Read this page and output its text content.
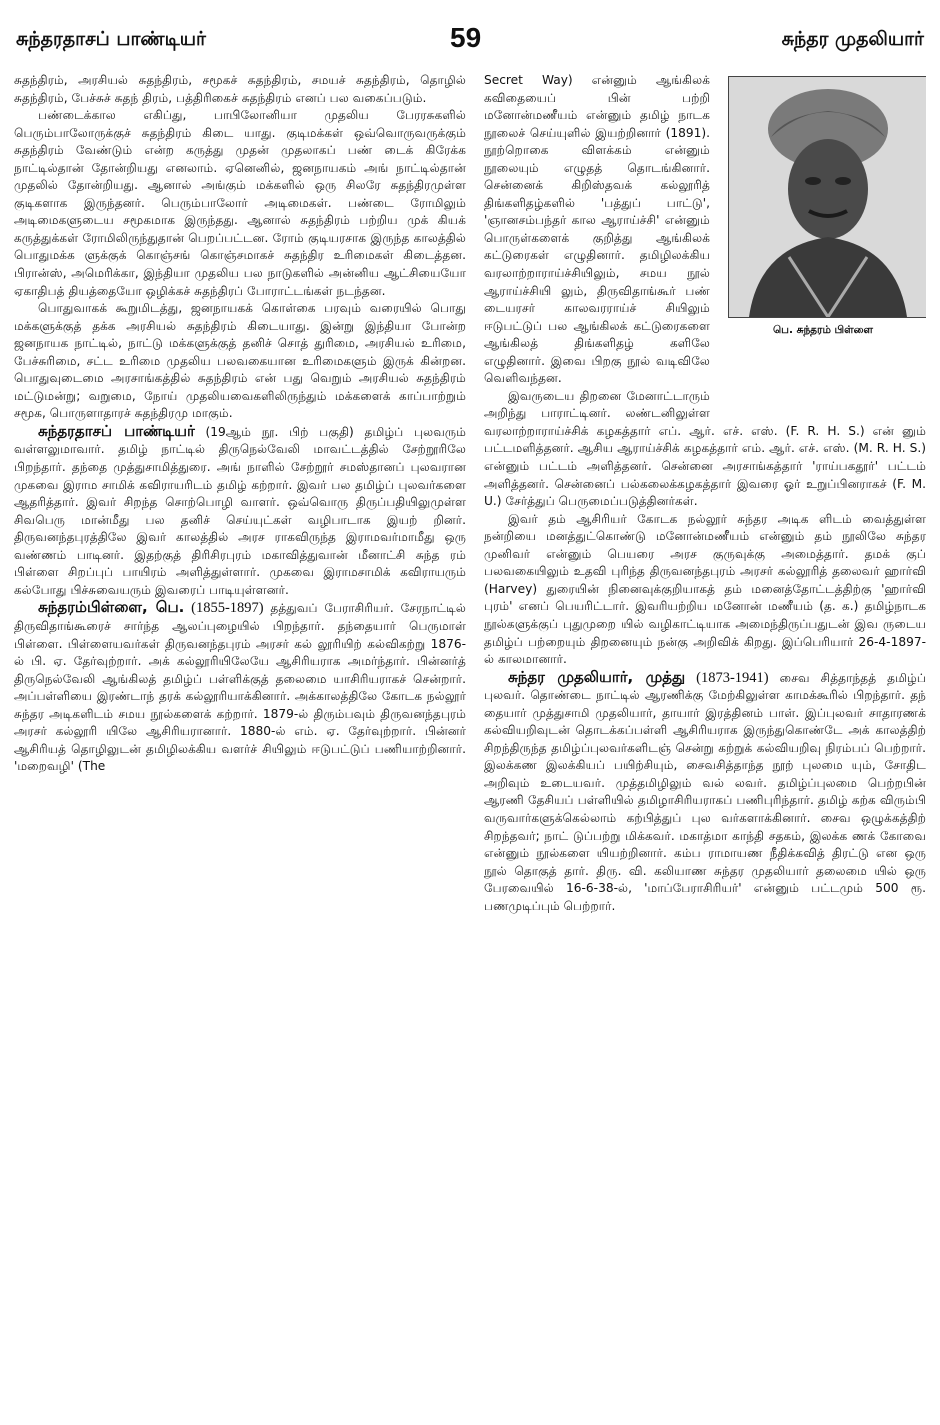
சுந்தரதாசப் பாண்டியர்	59	சுந்தர முதலியார்

சுதந்திரம், அரசியல் சுதந்திரம், சமூகச் சுதந்திரம், சமயச் சுதந்திரம், தொழில் சுதந்திரம், பேச்சுச் சுதந் திரம், பத்திரிகைச் சுதந்திரம் எனப் பல வகைப்படும்.

பண்டைக்கால எகிப்து, பாபிலோனியா முதலிய பேரரசுகளில் பெரும்பாலோருக்குச் சுதந்திரம் கிடை யாது. குடிமக்கள் ஒவ்வொருவருக்கும் சுதந்திரம் வேண்டும் என்ற கருத்து முதன் முதலாகப் பண் டைக் கிரேக்க நாட்டில்தான் தோன்றியது எனலாம். ஏனெனில், ஜனநாயகம் அங் நாட்டில்தான் முதலில் தோன்றியது. ஆனால் அங்கும் மக்களில் ஒரு சிலரே சுதந்திரமுள்ள குடிகளாக இருந்தனர். பெரும்பாலோர் அடிமைகள். பண்டை ரோமிலும் அடிமைகளுடைய சமூகமாக இருந்தது. ஆனால் சுதந்திரம் பற்றிய முக் கியக் கருத்துக்கள் ரோமிலிருந்துதான் பெறப்பட்டன. ரோம் குடியரசாக இருந்த காலத்தில் பொதுமக்க ளுக்குக் கொஞ்சங் கொஞ்சமாகச் சுதந்திர உரிமைகள் கிடைத்தன. பிரான்ஸ், அமெரிக்கா, இந்தியா முதலிய பல நாடுகளில் அன்னிய ஆட்சியையோ ஏகாதிபத் தியத்தையோ ஒழிக்கச் சுதந்திரப் போராட்டங்கள் நடந்தன.

பொதுவாகக் கூறுமிடத்து, ஜனநாயகக் கொள்கை பரவும் வரையில் பொது மக்களுக்குத் தக்க அரசியல் சுதந்திரம் கிடையாது. இன்று இந்தியா போன்ற ஜனநாயக நாட்டில், நாட்டு மக்களுக்குத் தனிச் சொத் துரிமை, அரசியல் உரிமை, பேச்சுரிமை, சட்ட உரிமை முதலிய பலவகையான உரிமைகளும் இருக் கின்றன. பொதுவுடைமை அரசாங்கத்தில் சுதந்திரம் என் பது வெறும் அரசியல் சுதந்திரம் மட்டுமன்று; வறுமை, நோய் முதலியவைகளிலிருந்தும் மக்களைக் காப்பாற்றும் சமூக, பொருளாதாரச் சுதந்திரமு மாகும்.

சுந்தரதாசப் பாண்டியர் (19ஆம் நூ. பிற் பகுதி) தமிழ்ப் புலவரும் வள்ளலுமாவார். தமிழ் நாட்டில் திருநெல்வேலி மாவட்டத்தில் சேற்றூரிலே பிறந்தார். தந்தை முத்துசாமித்துரை. அங் நாளில் சேற்றூர் சமஸ்தானப் புலவரான முகவை இராம சாமிக் கவிராயரிடம் தமிழ் கற்றார். இவர் பல தமிழ்ப் புலவர்களை ஆதரித்தார். இவர் சிறந்த சொற்பொழி வாளர். ஒவ்வொரு திருப்பதியிலுமுள்ள சிவபெரு மான்மீது பல தனிச் செய்யுட்கள் வழிபாடாக இயற் றினர். திருவனந்தபுரத்திலே இவர் காலத்தில் அரச ராகவிருந்த இராமவர்மாமீது ஒரு வண்ணம் பாடினர். இதற்குத் திரிசிரபுரம் மகாவித்துவான் மீனாட்சி சுந்த ரம் பிள்ளை சிறப்புப் பாயிரம் அளித்துள்ளார். முகவை இராமசாமிக் கவிராயரும் கல்போது பிச்சுவையரும் இவரைப் பாடியுள்ளனர்.

சுந்தரம்பிள்ளை, பெ. (1855-1897) தத்துவப் பேராசிரியர். சேரநாட்டில் திருவிதாங்கூரைச் சார்ந்த ஆலப்புழையில் பிறந்தார். தந்தையார் பெருமாள் பிள்ளை. பிள்ளையவர்கள் திருவனந்தபுரம் அரசர் கல் லூரியிற் கல்விகற்று 1876-ல் பி. ஏ. தேர்வுற்றார். அக் கல்லூரியிலேயே ஆசிரியராக அமர்ந்தார். பின்னர்த் திருநெல்வேலி ஆங்கிலத் தமிழ்ப் பள்ளிக்குத் தலைமை யாசிரியராகச் சென்றார். அப்பள்ளியை இரண்டாந் தரக் கல்லூரியாக்கினார். அக்காலத்திலே கோடக நல்லூர் சுந்தர அடிகளிடம் சமய நூல்களைக் கற்றார். 1879-ல் திரும்பவும் திருவனந்தபுரம் அரசர் கல்லூரி யிலே ஆசிரியரானார். 1880-ல் எம். ஏ. தேர்வுற்றார். பின்னர் ஆசிரியத் தொழிலுடன் தமிழிலக்கிய வளர்ச் சியிலும் ஈடுபட்டுப் பணியாற்றினார். 'மறைவழி' (The

பெ. சுந்தரம் பிள்ளை

Secret Way) என்னும் ஆங்கிலக் கவிதையைப் பின் பற்றி மனோன்மணீயம் என்னும் தமிழ் நாடக நூலைச் செய்யுளில் இயற்றினார் (1891). நூற்றொகை விளக்கம் என்னும் நூலையும் எழுதத் தொடங்கினார். சென்னைக் கிறிஸ்தவக் கல்லூரித் திங்களிதழ்களில் 'பத்துப் பாட்டு', 'ஞானசம்பந்தர் கால ஆராய்ச்சி' என்னும் பொருள்களைக் குறித்து ஆங்கிலக் கட்டுரைகள் எழுதினார். தமிழிலக்கிய வரலாற்றாராய்ச்சியிலும், சமய நூல் ஆராய்ச்சியி லும், திருவிதாங்கூர் பண் டையரசர் காலவரராய்ச் சியிலும் ஈடுபட்டுப் பல ஆங்கிலக் கட்டுரைகளை ஆங்கிலத் திங்களிதழ் களிலே எழுதினார். இவை பிறகு நூல் வடிவிலே வெளிவந்தன.

இவருடைய திறனை மேனாட்டாரும் அறிந்து பாராட்டினர். லண்டனிலுள்ள வரலாற்றாராய்ச்சிக் கழகத்தார் எப். ஆர். எச். எஸ். (F. R. H. S.) என் னும் பட்டமளித்தனர். ஆசிய ஆராய்ச்சிக் கழகத்தார் எம். ஆர். எச். எஸ். (M. R. H. S.) என்னும் பட்டம் அளித்தனர். சென்னை அரசாங்கத்தார் 'ராய்பகதூர்' பட்டம் அளித்தனர். சென்னைப் பல்கலைக்கழகத்தார் இவரை ஓர் உறுப்பினராகச் (F. M. U.) சேர்த்துப் பெருமைப்படுத்தினர்கள்.

இவர் தம் ஆசிரியர் கோடக நல்லூர் சுந்தர அடிக ளிடம் வைத்துள்ள நன்றியை மனத்துட்கொண்டு மனோன்மணீயம் என்னும் தம் நூலிலே சுந்தர முனிவர் என்னும் பெயரை அரச குருவுக்கு அமைத்தார். தமக் குப் பலவகையிலும் உதவி புரிந்த திருவனந்தபுரம் அரசர் கல்லூரித் தலைவர் ஹார்வி (Harvey) துரையின் நினைவுக்குறியாகத் தம் மனைத்தோட்டத்திற்கு 'ஹார்வி புரம்' எனப் பெயரிட்டார். இவரியற்றிய மனோன் மணீயம் (த. க.) தமிழ்நாடக நூல்களுக்குப் புதுமுறை யில் வழிகாட்டியாக அமைந்திருப்பதுடன் இவ ருடைய தமிழ்ப் பற்றையும் திறனையும் நன்கு அறிவிக் கிறது. இப்பெரியார் 26-4-1897-ல் காலமானார்.

சுந்தர முதலியார், முத்து (1873-1941) சைவ சித்தாந்தத் தமிழ்ப் புலவர். தொண்டை நாட்டில் ஆரணிக்கு மேற்கிலுள்ள காமக்கூரில் பிறந்தார். தந் தையார் முத்துசாமி முதலியார், தாயார் இரத்தினம் பாள். இப்புலவர் சாதாரணக் கல்வியறிவுடன் தொடக்கப்பள்ளி ஆசிரியராக இருந்துகொண்டே அக் காலத்திற் சிறந்திருந்த தமிழ்ப்புலவர்களிடஞ் சென்று கற்றுக் கல்வியறிவு நிரம்பப் பெற்றார். இலக்கண இலக்கியப் பயிற்சியும், சைவசித்தாந்த நூற் புலமை யும், சோதிட அறிவும் உடையவர். முத்தமிழிலும் வல் லவர். தமிழ்ப்புலமை பெற்றபின் ஆரணி தேசியப் பள்ளியில் தமிழாசிரியராகப் பணிபுரிந்தார். தமிழ் கற்க விரும்பி வருவார்களுக்கெல்லாம் கற்பித்துப் புல வர்களாக்கினார். சைவ ஒழுக்கத்திற் சிறந்தவர்; நாட் டுப்பற்று மிக்கவர். மகாத்மா காந்தி சதகம், இலக்க ணக் கோவை என்னும் நூல்களை யியற்றினார். கம்ப ராமாயண நீதிக்கவித் திரட்டு என ஒரு நூல் தொகுத் தார். திரு. வி. கலியாண சுந்தர முதலியார் தலைமை யில் ஒரு பேரவையில் 16-6-38-ல், 'மாப்பேராசிரியர்' என்னும் பட்டமும் 500 ரூ. பணமுடிப்பும் பெற்றார்.
